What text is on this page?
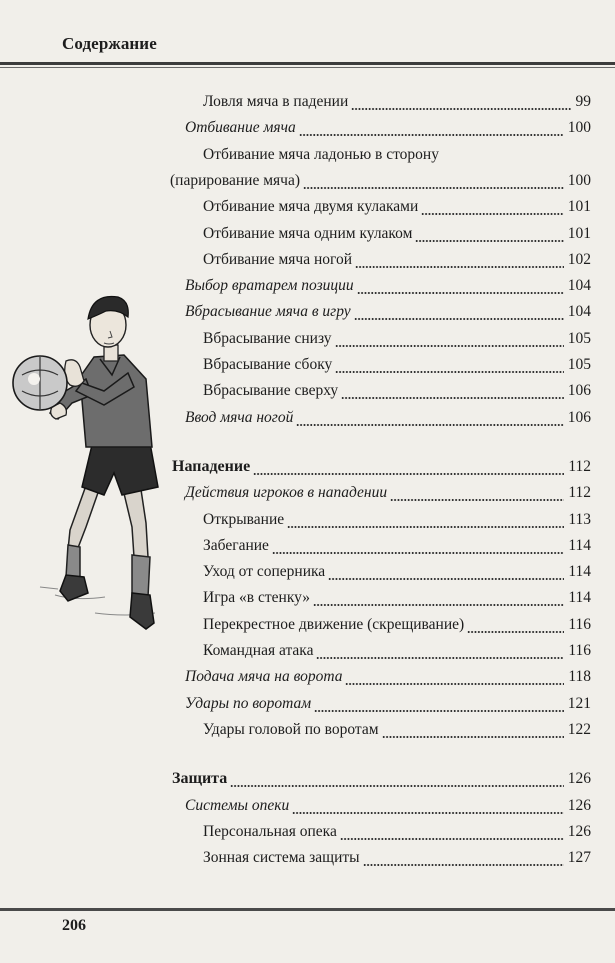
Содержание
Ловля мяча в падении	99
Отбивание мяча	100
Отбивание мяча ладонью в сторону
(парирование мяча)	100
Отбивание мяча двумя кулаками	101
Отбивание мяча одним кулаком	101
Отбивание мяча ногой	102
Выбор вратарем позиции	104
Вбрасывание мяча в игру	104
Вбрасывание снизу	105
Вбрасывание сбоку	105
Вбрасывание сверху	106
Ввод мяча ногой	106
Нападение	112
Действия игроков в нападении	112
Открывание	113
Забегание	114
Уход от соперника	114
Игра «в стенку»	114
Перекрестное движение (скрещивание)	116
Командная атака	116
Подача мяча на ворота	118
Удары по воротам	121
Удары головой по воротам	122
Защита	126
Системы опеки	126
Персональная опека	126
Зонная система защиты	127
206
